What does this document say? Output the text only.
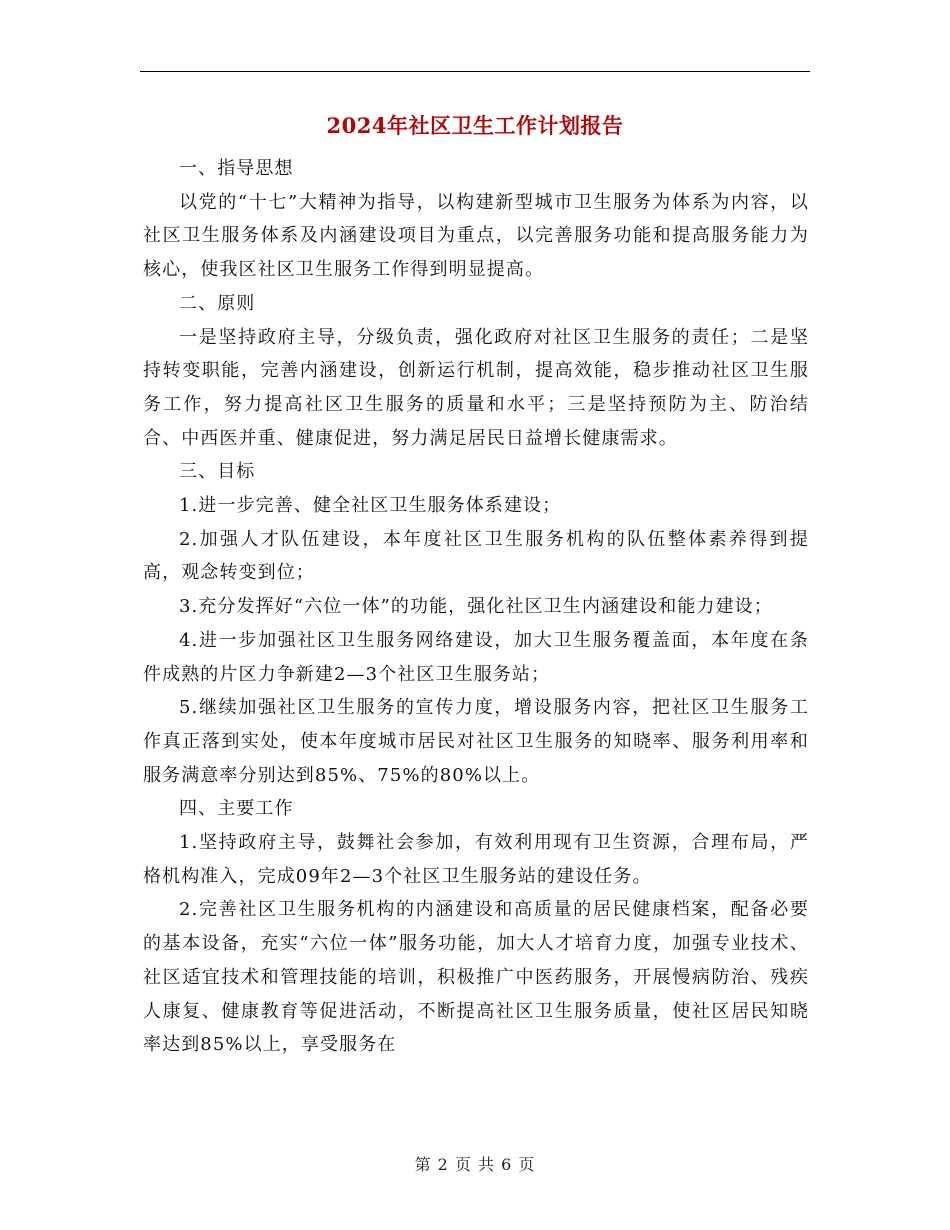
2024年社区卫生工作计划报告

一、指导思想

以党的“十七”大精神为指导，以构建新型城市卫生服务为体系为内容，以社区卫生服务体系及内涵建设项目为重点，以完善服务功能和提高服务能力为核心，使我区社区卫生服务工作得到明显提高。

二、原则

一是坚持政府主导，分级负责，强化政府对社区卫生服务的责任；二是坚持转变职能，完善内涵建设，创新运行机制，提高效能，稳步推动社区卫生服务工作，努力提高社区卫生服务的质量和水平；三是坚持预防为主、防治结合、中西医并重、健康促进，努力满足居民日益增长健康需求。

三、目标

1.进一步完善、健全社区卫生服务体系建设；

2.加强人才队伍建设，本年度社区卫生服务机构的队伍整体素养得到提高，观念转变到位；

3.充分发挥好“六位一体”的功能，强化社区卫生内涵建设和能力建设；

4.进一步加强社区卫生服务网络建设，加大卫生服务覆盖面，本年度在条件成熟的片区力争新建2—3个社区卫生服务站；

5.继续加强社区卫生服务的宣传力度，增设服务内容，把社区卫生服务工作真正落到实处，使本年度城市居民对社区卫生服务的知晓率、服务利用率和服务满意率分别达到85%、75%的80%以上。

四、主要工作

1.坚持政府主导，鼓舞社会参加，有效利用现有卫生资源，合理布局，严格机构准入，完成09年2—3个社区卫生服务站的建设任务。

2.完善社区卫生服务机构的内涵建设和高质量的居民健康档案，配备必要的基本设备，充实“六位一体”服务功能，加大人才培育力度，加强专业技术、社区适宜技术和管理技能的培训，积极推广中医药服务，开展慢病防治、残疾人康复、健康教育等促进活动，不断提高社区卫生服务质量，使社区居民知晓率达到85%以上，享受服务在

第 2 页 共 6 页
